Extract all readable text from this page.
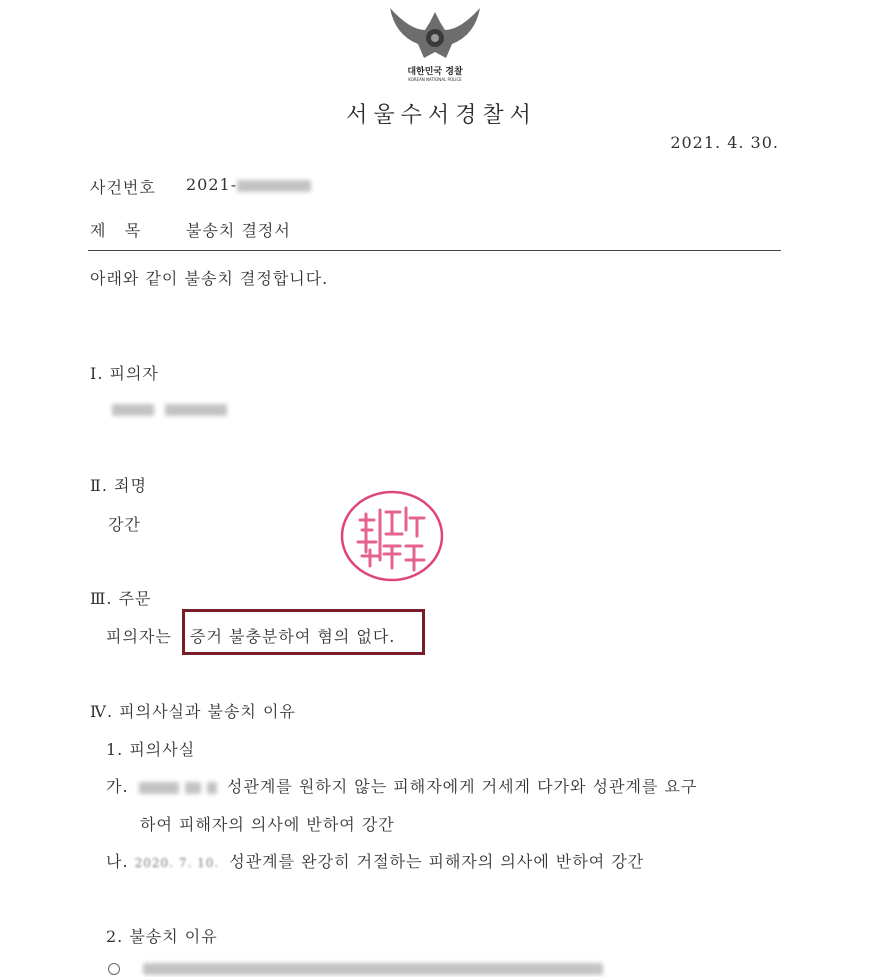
대한민국 경찰
KOREAN NATIONAL POLICE
서울수서경찰서
2021. 4. 30.
사건번호 2021-
제   목	불송치 결정서
아래와 같이 불송치 결정합니다.
Ⅰ. 피의자

Ⅱ. 죄명
강간
Ⅲ. 주문
피의자는 증거 불충분하여 혐의 없다.
Ⅳ. 피의사실과 불송치 이유
1. 피의사실
가.	성관계를 원하지 않는 피해자에게 거세게 다가와 성관계를 요구
하여 피해자의 의사에 반하여 강간
나. 2020. 7. 10. 성관계를 완강히 거절하는 피해자의 의사에 반하여 강간
2. 불송치 이유
